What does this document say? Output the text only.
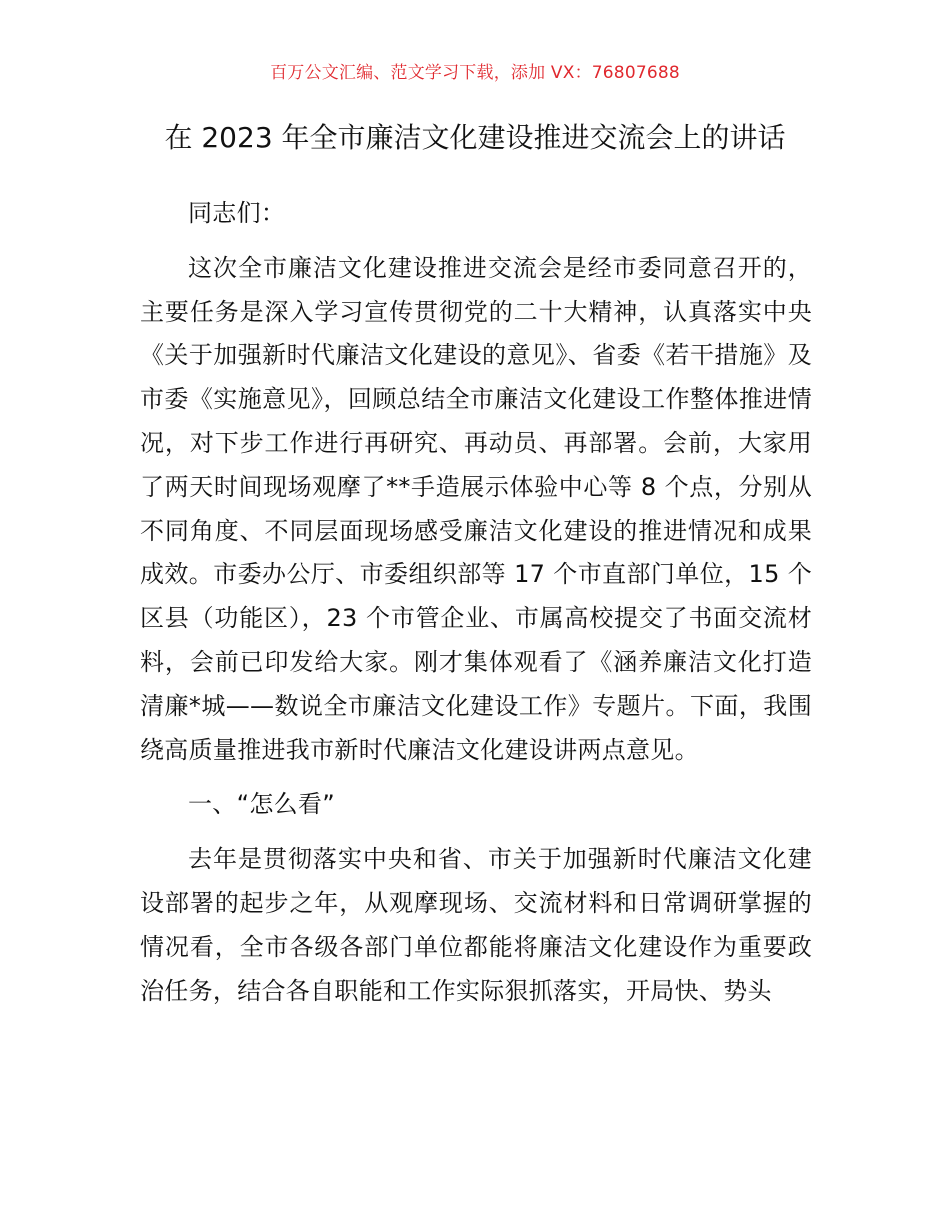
百万公文汇编、范文学习下载，添加 VX：76807688
在 2023 年全市廉洁文化建设推进交流会上的讲话

同志们：

这次全市廉洁文化建设推进交流会是经市委同意召开的，主要任务是深入学习宣传贯彻党的二十大精神，认真落实中央《关于加强新时代廉洁文化建设的意见》、省委《若干措施》及市委《实施意见》，回顾总结全市廉洁文化建设工作整体推进情况，对下步工作进行再研究、再动员、再部署。会前，大家用了两天时间现场观摩了**手造展示体验中心等 8 个点，分别从不同角度、不同层面现场感受廉洁文化建设的推进情况和成果成效。市委办公厅、市委组织部等 17 个市直部门单位，15 个区县（功能区），23 个市管企业、市属高校提交了书面交流材料，会前已印发给大家。刚才集体观看了《涵养廉洁文化打造清廉*城——数说全市廉洁文化建设工作》专题片。下面，我围绕高质量推进我市新时代廉洁文化建设讲两点意见。

一、“怎么看”

去年是贯彻落实中央和省、市关于加强新时代廉洁文化建设部署的起步之年，从观摩现场、交流材料和日常调研掌握的情况看，全市各级各部门单位都能将廉洁文化建设作为重要政治任务，结合各自职能和工作实际狠抓落实，开局快、势头
